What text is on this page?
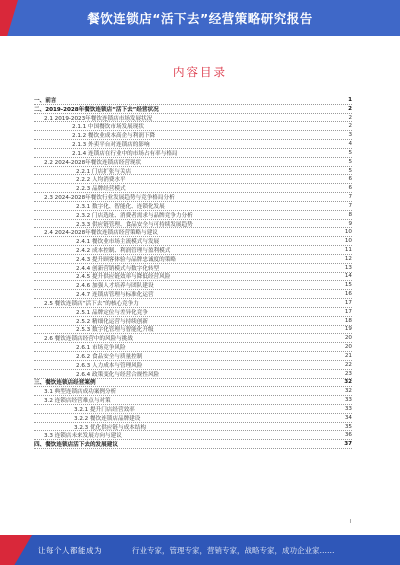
餐饮连锁店“活下去”经营策略研究报告
内容目录
一、前言	1
二、2019-2028年餐饮连锁店“活下去”经营状况	2
2.1 2019-2023年餐饮连锁店市场发展状况	2
2.1.1 中国餐饮市场发展现状	2
2.1.2 餐饮业成本高企与利润下降	3
2.1.3 外卖平台对连锁店的影响	4
2.1.4 连锁店在行业中的市场占有率与格局	5
2.2 2024-2028年餐饮连锁店经营现状	5
2.2.1 门店扩张与关店	5
2.2.2 人均消费水平	6
2.2.3 品牌经营模式	6
2.3 2024-2028年餐饮行业发展趋势与竞争格局分析	7
2.3.1 数字化、智能化、连锁化发展	7
2.3.2 门店选址、消费者需求与品牌竞争力分析	8
2.3.3 供应链管理、食品安全与可持续发展趋势	9
2.4 2024-2028年餐饮连锁店经营策略与建议	10
2.4.1 餐饮业市场主流模式与发展	10
2.4.2 成本控制、利润管理与盈利模式	11
2.4.3 提升顾客体验与品牌忠诚度的策略	12
2.4.4 创新营销模式与数字化转型	13
2.4.5 提升供应链效率与降低经营风险	14
2.4.6 加强人才培养与团队建设	15
2.4.7 连锁店管理与标准化运营	16
2.5 餐饮连锁店“活下去”的核心竞争力	17
2.5.1 品牌定位与差异化竞争	17
2.5.2 精细化运营与持续创新	18
2.5.3 数字化管理与智能化升级	19
2.6 餐饮连锁店经营中的风险与挑战	20
2.6.1 市场竞争风险	20
2.6.2 食品安全与质量控制	21
2.6.3 人力成本与管理风险	22
2.6.4 政策变化与经营合规性风险	23
三、餐饮连锁店经营案例	32
3.1 典型连锁店成功案例分析	32
3.2 连锁店经营难点与对策	33
3.2.1 提升门店经营效率	33
3.2.2 餐饮连锁店品牌建设	34
3.2.3 优化供应链与成本结构	35
3.3 连锁店未来发展方向与建议	36
四、餐饮连锁店活下去的发展建议	37
I
让每个人都能成为	行业专家，管理专家，营销专家，战略专家，成功企业家……
